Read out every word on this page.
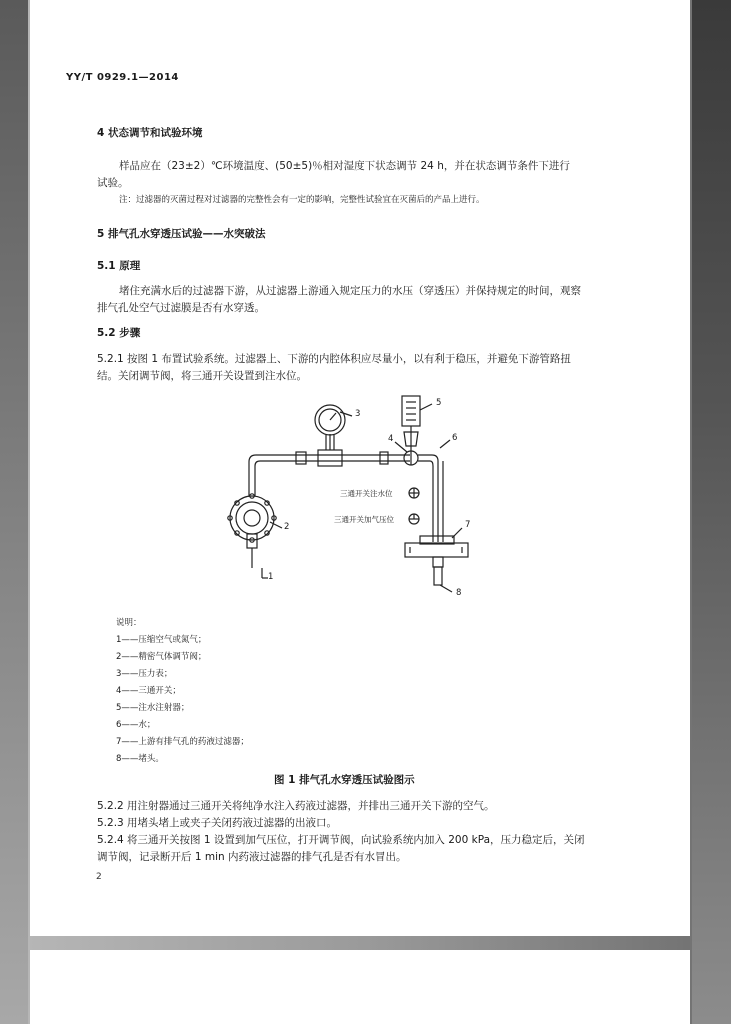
YY/T 0929.1—2014
4 状态调节和试验环境
样品应在（23±2）℃环境温度、(50±5)％相对湿度下状态调节 24 h，并在状态调节条件下进行
试验。
注：过滤器的灭菌过程对过滤器的完整性会有一定的影响，完整性试验宜在灭菌后的产品上进行。
5 排气孔水穿透压试验——水突破法
5.1 原理
堵住充满水后的过滤器下游，从过滤器上游通入规定压力的水压（穿透压）并保持规定的时间，观察
排气孔处空气过滤膜是否有水穿透。
5.2 步骤
5.2.1 按图 1 布置试验系统。过滤器上、下游的内腔体积应尽量小，以有利于稳压，并避免下游管路扭
结。关闭调节阀，将三通开关设置到注水位。
1
2
3
4
5
6
7
8
三通开关注水位
三通开关加气压位
说明：
1——压缩空气或氮气；
2——精密气体调节阀；
3——压力表；
4——三通开关；
5——注水注射器；
6——水；
7——上游有排气孔的药液过滤器；
8——堵头。
图 1 排气孔水穿透压试验图示
5.2.2 用注射器通过三通开关将纯净水注入药液过滤器，并排出三通开关下游的空气。
5.2.3 用堵头堵上或夹子关闭药液过滤器的出液口。
5.2.4 将三通开关按图 1 设置到加气压位，打开调节阀，向试验系统内加入 200 kPa，压力稳定后，关闭
调节阀，记录断开后 1 min 内药液过滤器的排气孔是否有水冒出。
2
